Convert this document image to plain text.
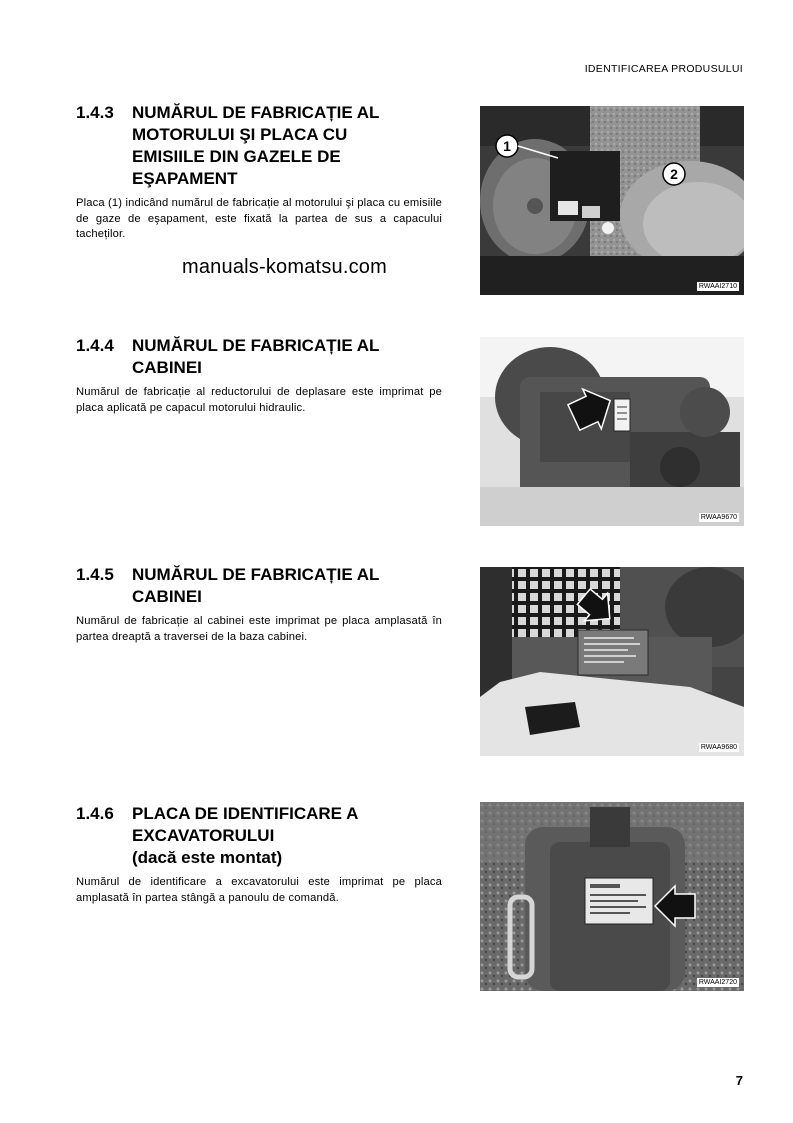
IDENTIFICAREA PRODUSULUI
1.4.3	NUMĂRUL DE FABRICAȚIE AL
MOTORULUI ŞI PLACA CU
EMISIILE DIN GAZELE DE
EŞAPAMENT
Placa (1) indicând numărul de fabricație al motorului şi placa cu emisiile de gaze de eşapament, este fixată la partea de sus a capacului tacheților.
manuals-komatsu.com
1
2
RWAAI2710
1.4.4	NUMĂRUL DE FABRICAȚIE AL
CABINEI
Numărul de fabricație al reductorului de deplasare este imprimat pe placa aplicată pe capacul motorului hidraulic.
RWAA9670
1.4.5	NUMĂRUL DE FABRICAȚIE AL
CABINEI
Numărul de fabricație al cabinei este imprimat pe placa amplasată în partea dreaptă a traversei de la baza cabinei.
RWAA9680
1.4.6	PLACA DE IDENTIFICARE A
EXCAVATORULUI
(dacă este montat)
Numărul de identificare a excavatorului este imprimat pe placa amplasată în partea stângă a panoulu de comandă.
RWAAI2720
7
